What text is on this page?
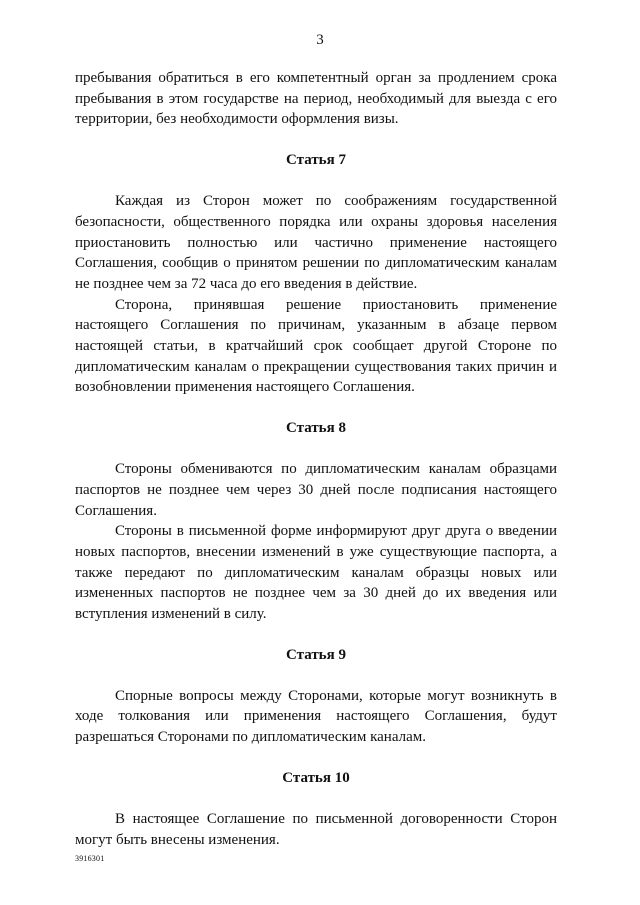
3

пребывания обратиться в его компетентный орган за продлением срока пребывания в этом государстве на период, необходимый для выезда с его территории, без необходимости оформления визы.

Статья 7

Каждая из Сторон может по соображениям государственной безопасности, общественного порядка или охраны здоровья населения приостановить полностью или частично применение настоящего Соглашения, сообщив о принятом решении по дипломатическим каналам не позднее чем за 72 часа до его введения в действие.

Сторона, принявшая решение приостановить применение настоящего Соглашения по причинам, указанным в абзаце первом настоящей статьи, в кратчайший срок сообщает другой Стороне по дипломатическим каналам о прекращении существования таких причин и возобновлении применения настоящего Соглашения.

Статья 8

Стороны обмениваются по дипломатическим каналам образцами паспортов не позднее чем через 30 дней после подписания настоящего Соглашения.

Стороны в письменной форме информируют друг друга о введении новых паспортов, внесении изменений в уже существующие паспорта, а также передают по дипломатическим каналам образцы новых или измененных паспортов не позднее чем за 30 дней до их введения или вступления изменений в силу.

Статья 9

Спорные вопросы между Сторонами, которые могут возникнуть в ходе толкования или применения настоящего Соглашения, будут разрешаться Сторонами по дипломатическим каналам.

Статья 10

В настоящее Соглашение по письменной договоренности Сторон могут быть внесены изменения.

3916301
